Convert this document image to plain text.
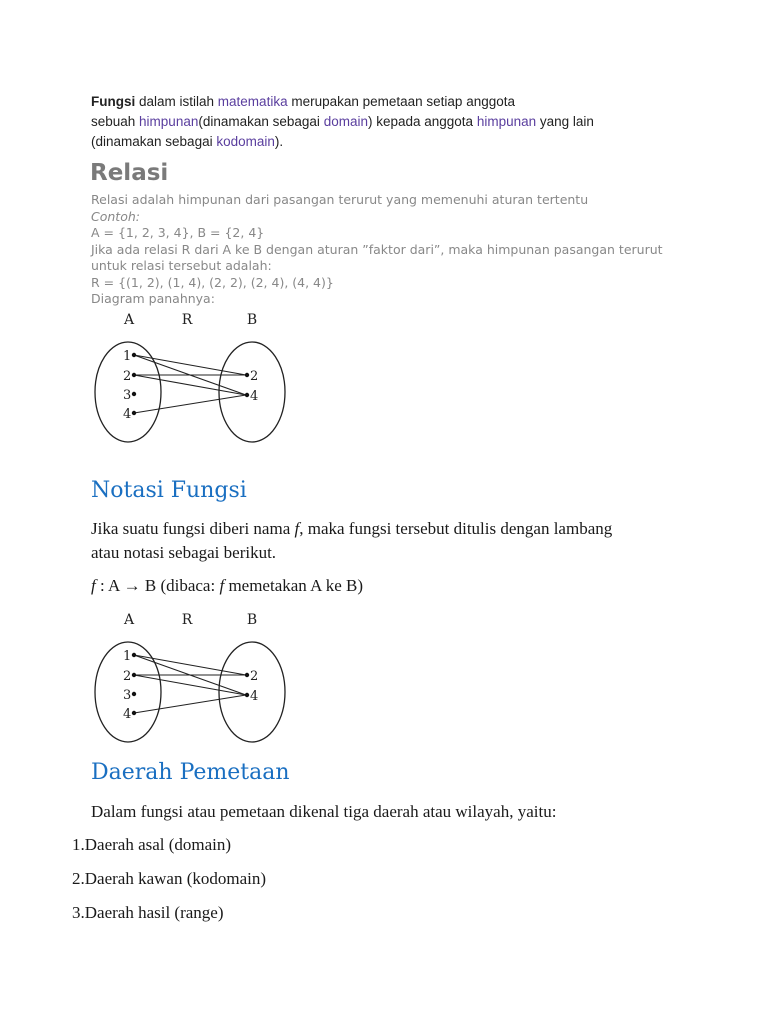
Fungsi dalam istilah matematika merupakan pemetaan setiap anggota
sebuah himpunan(dinamakan sebagai domain) kepada anggota himpunan yang lain
(dinamakan sebagai kodomain).
Relasi
Relasi adalah himpunan dari pasangan terurut yang memenuhi aturan tertentu
Contoh:
A = {1, 2, 3, 4}, B = {2, 4}
Jika ada relasi R dari A ke B dengan aturan ”faktor dari”, maka himpunan pasangan terurut
untuk relasi tersebut adalah:
R = {(1, 2), (1, 4), (2, 2), (2, 4), (4, 4)}
Diagram panahnya:
A	R	B
1
2
3
4
2
4
Notasi Fungsi

Jika suatu fungsi diberi nama f, maka fungsi tersebut ditulis dengan lambang
atau notasi sebagai berikut.

f : A → B (dibaca: f memetakan A ke B)

A	R	B
1
2
3
4
2
4
Daerah Pemetaan

Dalam fungsi atau pemetaan dikenal tiga daerah atau wilayah, yaitu:

1.Daerah asal (domain)
2.Daerah kawan (kodomain)
3.Daerah hasil (range)
